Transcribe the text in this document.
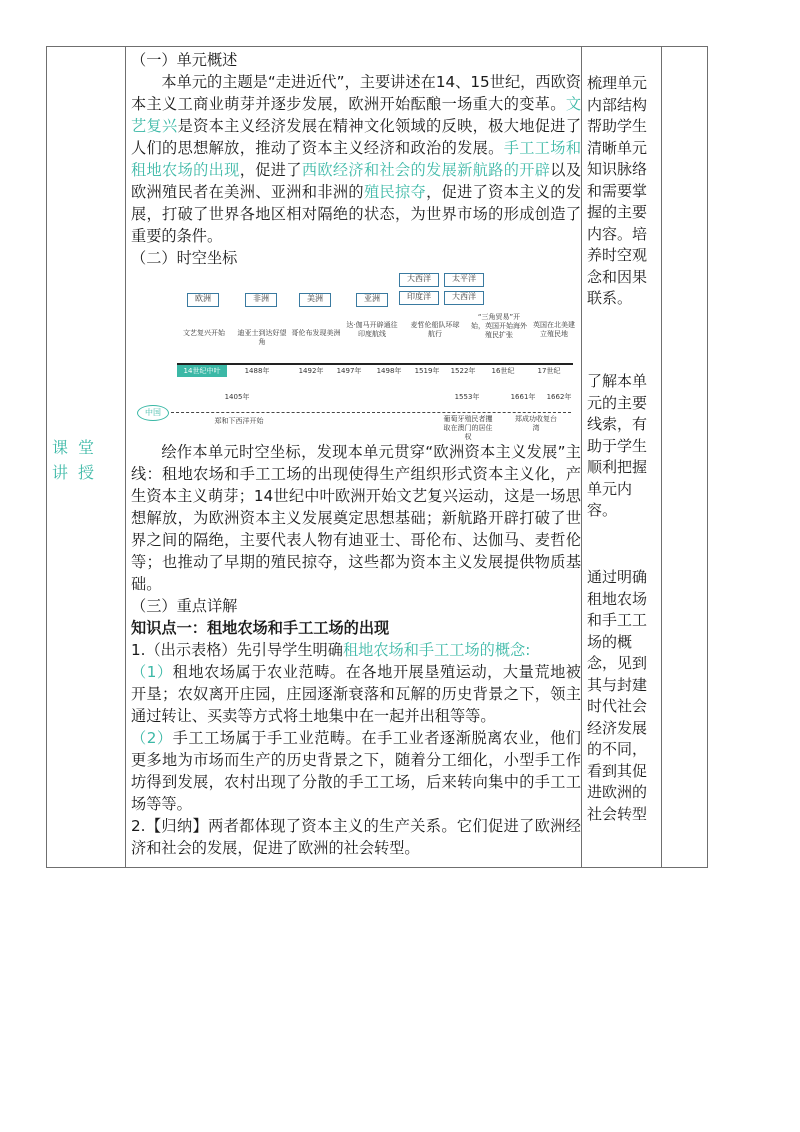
课堂讲授

（一）单元概述

本单元的主题是“走进近代”，主要讲述在14、15世纪，西欧资本主义工商业萌芽并逐步发展，欧洲开始酝酿一场重大的变革。文艺复兴是资本主义经济发展在精神文化领域的反映，极大地促进了人们的思想解放，推动了资本主义经济和政治的发展。手工工场和租地农场的出现，促进了西欧经济和社会的发展新航路的开辟以及欧洲殖民者在美洲、亚洲和非洲的殖民掠夺，促进了资本主义的发展，打破了世界各地区相对隔绝的状态，为世界市场的形成创造了重要的条件。

（二）时空坐标

大西洋	太平洋
印度洋	大西洋
欧洲	非洲	美洲	亚洲
文艺复兴开始	迪亚士到达好望角
哥伦布发现美洲
达·伽马开辟通往印度航线
麦哲伦船队环球航行
“三角贸易”开始，英国开始海外殖民扩张
英国在北美建立殖民地
14世纪中叶	1488年	1492年	1497年	1498年	1519年	1522年	16世纪	17世纪
中国
1405年	1553年	1661年	1662年
郑和下西洋开始	葡萄牙殖民者攫取在澳门的居住权
郑成功收复台湾

绘作本单元时空坐标，发现本单元贯穿“欧洲资本主义发展”主线：租地农场和手工工场的出现使得生产组织形式资本主义化，产生资本主义萌芽；14世纪中叶欧洲开始文艺复兴运动，这是一场思想解放，为欧洲资本主义发展奠定思想基础；新航路开辟打破了世界之间的隔绝，主要代表人物有迪亚士、哥伦布、达伽马、麦哲伦等；也推动了早期的殖民掠夺，这些都为资本主义发展提供物质基础。

（三）重点详解

知识点一：租地农场和手工工场的出现

1.（出示表格）先引导学生明确租地农场和手工工场的概念:

（1）租地农场属于农业范畴。在各地开展垦殖运动，大量荒地被开垦；农奴离开庄园，庄园逐渐衰落和瓦解的历史背景之下，领主通过转让、买卖等方式将土地集中在一起并出租等等。

（2）手工工场属于手工业范畴。在手工业者逐渐脱离农业，他们更多地为市场而生产的历史背景之下，随着分工细化，小型手工作坊得到发展，农村出现了分散的手工工场，后来转向集中的手工工场等等。

2.【归纳】两者都体现了资本主义的生产关系。它们促进了欧洲经济和社会的发展，促进了欧洲的社会转型。

梳理单元内部结构帮助学生清晰单元知识脉络和需要掌握的主要内容。培养时空观念和因果联系。
了解本单元的主要线索，有助于学生顺利把握单元内容。
通过明确租地农场和手工工场的概念，见到其与封建时代社会经济发展的不同，看到其促进欧洲的社会转型
